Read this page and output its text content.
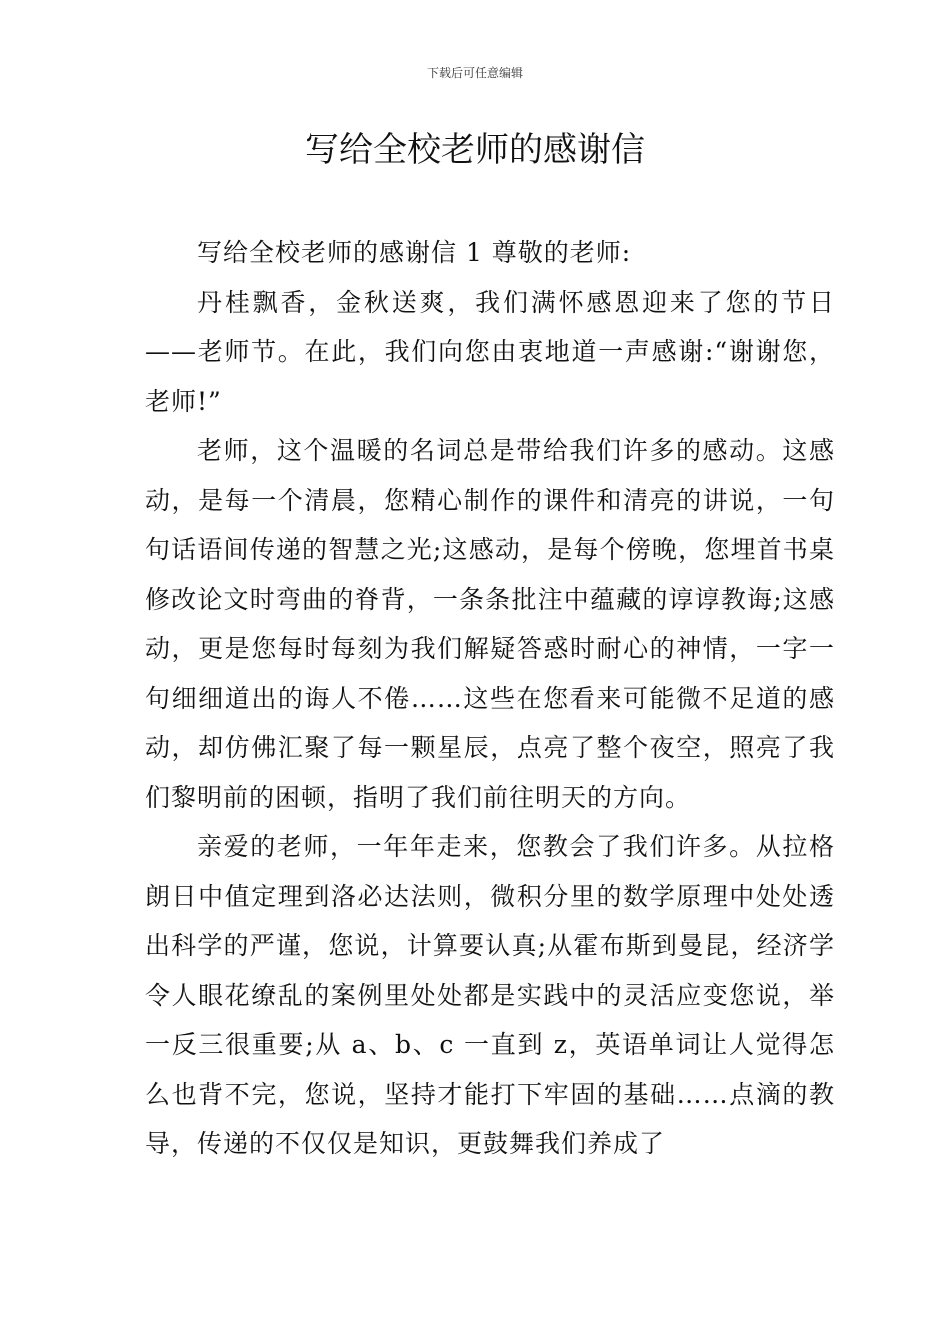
下载后可任意编辑
写给全校老师的感谢信

写给全校老师的感谢信 1 尊敬的老师:

丹桂飘香，金秋送爽，我们满怀感恩迎来了您的节日——老师节。在此，我们向您由衷地道一声感谢:“谢谢您，老师!”

老师，这个温暖的名词总是带给我们许多的感动。这感动，是每一个清晨，您精心制作的课件和清亮的讲说，一句句话语间传递的智慧之光;这感动，是每个傍晚，您埋首书桌修改论文时弯曲的脊背，一条条批注中蕴藏的谆谆教诲;这感动，更是您每时每刻为我们解疑答惑时耐心的神情，一字一句细细道出的诲人不倦……这些在您看来可能微不足道的感动，却仿佛汇聚了每一颗星辰，点亮了整个夜空，照亮了我们黎明前的困顿，指明了我们前往明天的方向。

亲爱的老师，一年年走来，您教会了我们许多。从拉格朗日中值定理到洛必达法则，微积分里的数学原理中处处透出科学的严谨，您说，计算要认真;从霍布斯到曼昆，经济学令人眼花缭乱的案例里处处都是实践中的灵活应变您说，举一反三很重要;从 a、b、c 一直到 z，英语单词让人觉得怎么也背不完，您说，坚持才能打下牢固的基础……点滴的教导，传递的不仅仅是知识，更鼓舞我们养成了
